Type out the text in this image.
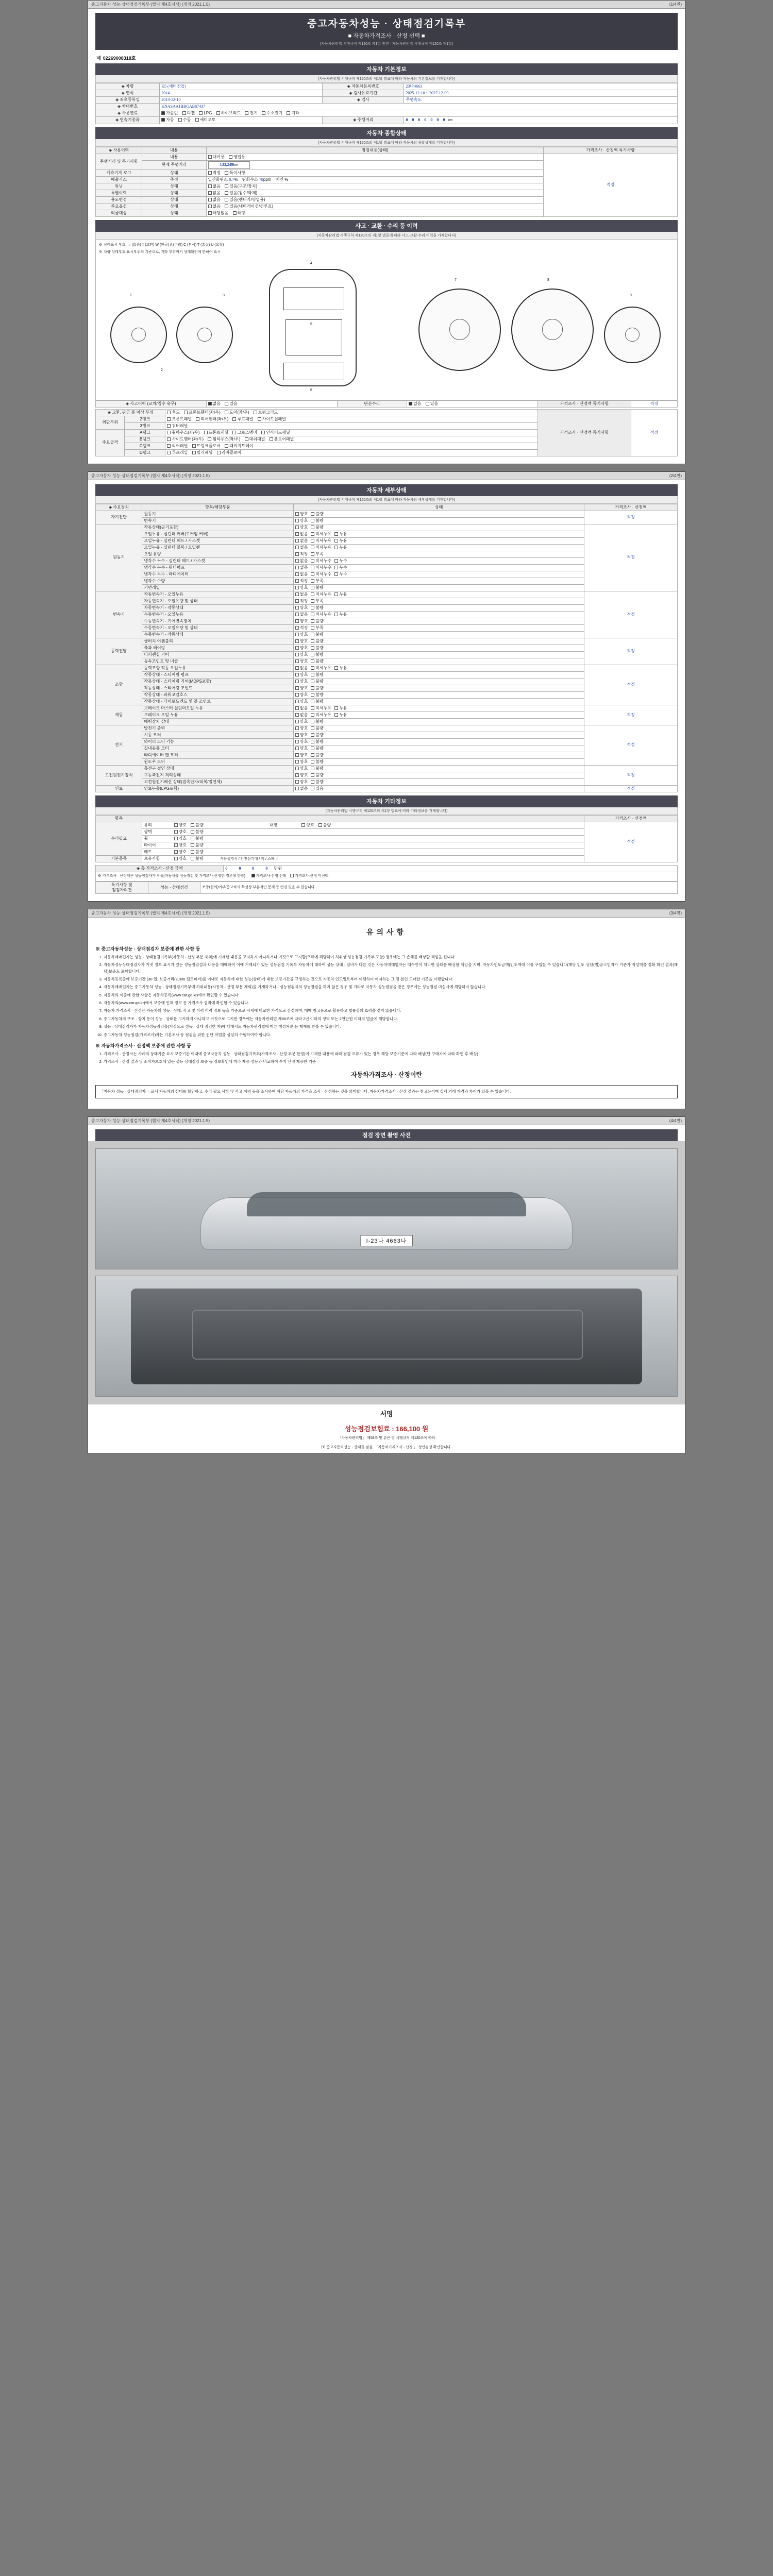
중고자동차 성능·상태점검기록부 (별지 제4호서식) (개정 2021.1.5)	(1/4면)
중고자동차성능 · 상태점검기록부
■ 자동차가격조사 · 산정 선택 ■
(자동차관리법 시행규칙 제120조 제1항 관련 · 자동차관리법 시행규칙 제120조 제1항)
제 02269008318호
자동차 기본정보
(자동차관리법 시행규칙 제120조의 제1항 별표에 따라 자동차의 기본정보를 기재합니다)
◈ 차명	K5 (세버진들)	◈ 자동차등록번호	23나4663
◈ 연식	2014	◈ 검사유효기간	2025-12-10 ~ 2027-12-09
◈ 최초등록일	2013-12-10	◈ 검사	주행속도
◈ 차대번호	KNASAA1BBGAB87437		
◈ 사용연료	가솔린 디젤 LPG 하이브리드 전기 수소전기 기타		
◈ 변속기종류	자동 수동 세미오토	◈ 주행거리	0 0 0 0 0 0 0 km
자동차 종합상태
(자동차관리법 시행규칙 제120조의 제1항 별표에 따라 자동차의 종합상태를 기재합니다)
◈ 사용이력	내용	점검내용(상태)	가격조사 · 산정액 특기사항
주행거리 및 특기사항	내용	대여용 영업용	적정
	현재 주행거리	133,249km	
계측기계 로그	상태	적정 특이사항	
배출가스	측정	일산화탄소 0.7% 탄화수소 78ppm 매연 %	
튜닝	상태	없음 있음(구조/장치)	
특별이력	상태	없음 있음(침수/화재)	
용도변경	상태	없음 있음(렌터카/영업용)	
주요옵션	상태	없음 있음(내비게이션/선루프)	
리콜대상	상태	해당없음 해당	
사고 · 교환 · 수리 등 이력
(자동차관리법 시행규칙 제120조의 제1항 별표에 따라 사고·교환·수리 이력을 기재합니다)
※ 상태표시 부호 : ○ (없음) ☓ (교환) W (판금) A (수리) C (부식) T (흠집) U (요철)
※ 차량 상태부호 표시부위의 기준으로, 기타 부위까지 상태확인에 한하여 표시
1
2
3
4
5
6
7	8
9
◈ 사고이력 (교차/침수 유무)	없음 있음	단순수리	없음 있음	가격조사 · 산정액 특기사항	적정
◈ 교환, 판금 등 이상 부위		후드 프론트휀더(좌/우) 도어(좌/우) 트렁크리드	가격조사 · 산정액 특기사항	적정
외판부위	2랭크	프론트패널 리어휀더(좌/우) 루프패널 사이드실패널		
	3랭크	쿼터패널		
주요골격	A랭크	휠하우스(좌/우) 프론트패널 크로스멤버 인사이드패널		
	B랭크	사이드멤버(좌/우) 휠하우스(좌/우) 대쉬패널 플로어패널		
	C랭크	리어패널 트렁크플로어 패키지트레이		
	D랭크	루프레일 필러패널 리어플로어		
중고자동차 성능·상태점검기록부 (별지 제4호서식) (개정 2021.1.5)	(2/4면)
자동차 세부상태
(자동차관리법 시행규칙 제120조의 제1항 별표에 따라 자동차의 세부상태를 기재합니다)
◈ 주요장치	항목/해당부품	상태	가격조사 · 산정액
자기진단	원동기	양호 불량	적정
	변속기	양호 불량	
원동기	작동상태(공기포함)	양호 불량	적정
	오일누유 - 실린더 커버(로커암 커버)	없음 미세누유 누유	
	오일누유 - 실린더 헤드 / 가스켓	없음 미세누유 누유	
	오일누유 - 실린더 블록 / 오일팬	없음 미세누유 누유	
	오일 유량	적정 부족	
	냉각수 누수 - 실린더 헤드 / 가스켓	없음 미세누수 누수	
	냉각수 누수 - 워터펌프	없음 미세누수 누수	
	냉각수 누수 - 라디에이터	없음 미세누수 누수	
	냉각수 수량	적정 부족	
	커먼레일	양호 불량	
변속기	자동변속기 - 오일누유	없음 미세누유 누유	적정
	자동변속기 - 오일유량 및 상태	적정 부족	
	자동변속기 - 작동상태	양호 불량	
	수동변속기 - 오일누유	없음 미세누유 누유	
	수동변속기 - 기어변속장치	양호 불량	
	수동변속기 - 오일유량 및 상태	적정 부족	
	수동변속기 - 작동상태	양호 불량	
동력전달	클러치 어셈블리	양호 불량	적정
	축과 베어링	양호 불량	
	디퍼렌셜 기어	양호 불량	
	등속조인트 및 너클	양호 불량	
조향	동력조향 작동 오일누유	없음 미세누유 누유	적정
	작동상태 - 스티어링 펌프	양호 불량	
	작동상태 - 스티어링 기어(MDPS포함)	양호 불량	
	작동상태 - 스티어링 조인트	양호 불량	
	작동상태 - 파워고압호스	양호 불량	
	작동상태 - 타이로드엔드 및 볼 조인트	양호 불량	
제동	브레이크 마스터 실린더오일 누유	없음 미세누유 누유	적정
	브레이크 오일 누유	없음 미세누유 누유	
	배력장치 상태	양호 불량	
전기	발전기 출력	양호 불량	적정
	시동 모터	양호 불량	
	와이퍼 모터 기능	양호 불량	
	실내송풍 모터	양호 불량	
	라디에이터 팬 모터	양호 불량	
	윈도우 모터	양호 불량	
고전원전기장치	충전구 절연 상태	양호 불량	적정
	구동축전지 격리상태	양호 불량	
	고전원전기배선 상태(접속단자/피복/절연체)	양호 불량	
연료	연료누출(LPG포함)	없음 있음	적정
자동차 기타정보
(자동차관리법 시행규칙 제120조의 제1항 별표에 따라 기타정보를 기재합니다)
항목		가격조사 · 산정액
수리필요	유리 양호 불량 내장 양호 불량	적정
	광택 양호 불량	
	휠 양호 불량	
	타이어 양호 불량	
	매트 양호 불량	
기본품목	보유사항 양호 불량 사용설명서 / 안전삼각대 / 잭 / 스패너	
◈ 총 가격조사 · 산정 금액	0 0 0 0 만원
※ 가격조사 · 산정액은 성능점검자가 작성(자동차를 성능점검 및 가격조사·산정한 경우에 한함)	가격조사·산정 선택 가격조사·산정 미선택
특기사항 및
점검자의견	성능 · 상태점검	보증(협의)여부/중고차의 특성상 부분적인 문제 등 변경 있을 수 있습니다.
중고자동차 성능·상태점검기록부 (별지 제4호서식) (개정 2021.1.5)	(3/4면)
유의사항
※ 중고자동차성능 · 상태점검자 보증에 관한 사항 등
1. 자동차매매업자는 성능 · 상태점검기록부(자동차 · 산정 부분 제외)에 기재한 내용을 고지하지 아니하거나 거짓으로 고지할(오류에 해당하여 허위상 성능점검 기록부 포함) 경우에는 그 손해를 배상할 책임을 집니다.
2. 자동차성능상태점검자가 거짓 정보 표시가 있는 성능점검결과 내용을 매매하여 이에 기재되기 있는 성능점검 기록부 자동차에 대하여 성능 상태 · 실비가 다른 것은 자동차매매업자는 매수인이 처리한 상태를 배상할 책임을 지며, 자동차인도금액(인도액에 이를 구입할 수 있습니다(해당 인도 상담(법)공고인자가 기준가 적성액을 정확 확인 결과(해당)보증도 포함합니다.
3. 자동차등록증에 보증기간 (30 일, 보증거리(2,000 킬로미터)를 이내로 자동차에 대한 성능(상태)에 대한 보증기간을 규정하는 것으로 자동차 인도일로부터 이행하여 어떠하는 그 점 본인 도래한 기준을 이행합니다.
4. 자동차매매업자는 중고자동차 성능 · 상태점검기록부에 허위내용(자동차 · 산정 부분 제외)을 기재하거나 · 성능점검자의 성능점검을 하지 않은 경우 및 기타로 자동차 성능점검을 받은 경우에는 성능점검 미실시에 해당하지 않습니다.
5. 자동차의 이중에 관한 사항은 자동차등록(www.car.go.kr)에서 확인할 수 있습니다.
6. 자동차의(www.car.go.kr)에서 보증에 인해 정보 등 가격조사 결과에 확인할 수 있습니다.
7. 자동차 가격조사 · 산정은 자동차의 성능 · 상태, 사고 및 이력 이력 정보 등을 기준으로 시세에 비교한 가격으로 산정하며, 매매 참고용으로 활용하고 법률상의 효력을 갖지 않습니다.
8. 중고자동차의 구조 · 장치 등이 성능 · 상태를 고지하지 아니하고 거짓으로 고지한 경우에는 자동차관리법 제80조에 따라 2년 이하의 징역 또는 2천만원 이하의 벌금에 해당합니다.
9. 성능 · 상태점검자가 자동차성능점검을(거짓으로 성능 · 상태 점검한 자)에 대해서도 자동차관리법에 따른 행정처분 등 제재를 받을 수 있습니다.
10. 중고자동차 성능점검(가격조사)자는 기본조사 등 점검을 위한 진단 작업을 성실히 수행하여야 합니다.
※ 자동차가격조사 · 산정액 보증에 관한 사항 등
1. 가격조사 · 산정자는 사례의 상태기준 표시 보증기간 이내에 중고자동차 성능 · 상태점검기록부(가격조사 · 산정 부분 한정)에 기재한 내용에 따라 점검 오류가 있는 경우 해당 보증기준에 따라 배상(단 구매자에 따라 확인 후 배상)
2. 가격조사 · 산정 결과 및 소비자보호에 있는 성능 상태점검 보증 등 정보확인에 따라 제공·성능과 비교하여 수치 산정 제공한 기준
자동차가격조사 · 산정이란
「자동차 성능 · 상태점검자 」로서 자동차의 상태를 확인하고, 수리 필요 사항 및 사고 이력 등을 조사하여 해당 자동차의 가격을 조사 · 산정하는 것을 의미합니다. 자동차가격조사 · 산정 결과는 참고용이며 실제 거래 가격과 차이가 있을 수 있습니다.
중고자동차 성능·상태점검기록부 (별지 제4호서식) (개정 2021.1.5)	(4/4면)
점검 장면 촬영 사진
I-23나 4663나
서명
성능점검보험료 : 166,100 원
「자동차관리법」 제58조 및 같은 법 시행규칙 제120조에 따라
[1] 중고자동차성능 · 상태를 점검, 「자동차가격조사 · 산정 」 성인검정 확인합니다.
